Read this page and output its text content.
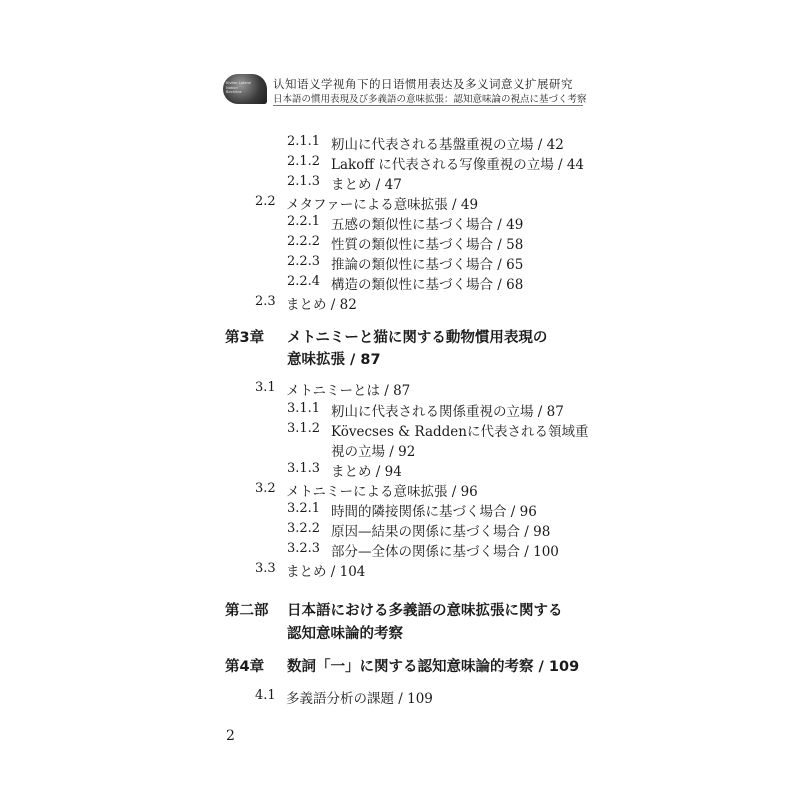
Kiviter Lateral
Nation
Birchline
认知语义学视角下的日语惯用表达及多义词意义扩展研究
日本語の慣用表現及び多義語の意味拡張：認知意味論の視点に基づく考察
2.1.1 籾山に代表される基盤重視の立場 / 42
2.1.2 Lakoff に代表される写像重視の立場 / 44
2.1.3 まとめ / 47
2.2 メタファーによる意味拡張 / 49
2.2.1 五感の類似性に基づく場合 / 49
2.2.2 性質の類似性に基づく場合 / 58
2.2.3 推論の類似性に基づく場合 / 65
2.2.4 構造の類似性に基づく場合 / 68
2.3 まとめ / 82
第3章 メトニミーと猫に関する動物慣用表現の
意味拡張 / 87
3.1 メトニミーとは / 87
3.1.1 籾山に代表される関係重視の立場 / 87
3.1.2 Kövecses & Raddenに代表される領域重
視の立場 / 92
3.1.3 まとめ / 94
3.2 メトニミーによる意味拡張 / 96
3.2.1 時間的隣接関係に基づく場合 / 96
3.2.2 原因—結果の関係に基づく場合 / 98
3.2.3 部分—全体の関係に基づく場合 / 100
3.3 まとめ / 104
第二部 日本語における多義語の意味拡張に関する
認知意味論的考察
第4章 数詞「一」に関する認知意味論的考察 / 109
4.1 多義語分析の課題 / 109
2
